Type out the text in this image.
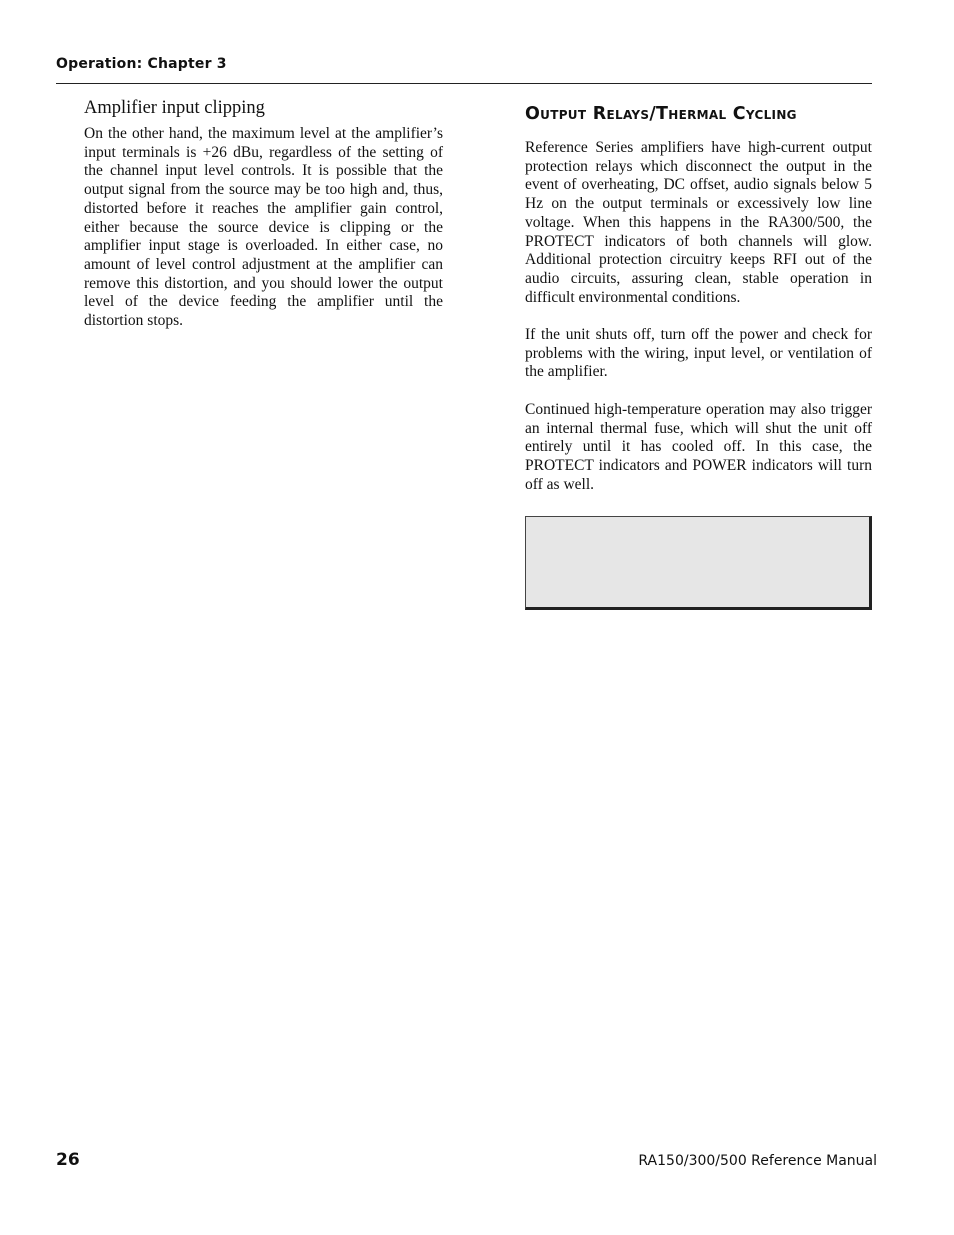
Operation: Chapter 3
Amplifier input clipping

On the other hand, the maximum level at the amplifier’s input terminals is +26 dBu, regardless of the setting of the channel input level controls. It is possible that the output signal from the source may be too high and, thus, distorted before it reaches the amplifier gain control, either because the source device is clipping or the amplifier input stage is overloaded. In either case, no amount of level control adjustment at the amplifier can remove this distortion, and you should lower the output level of the device feeding the amplifier until the distortion stops.

Output Relays/Thermal Cycling

Reference Series amplifiers have high-current output protection relays which disconnect the output in the event of overheating, DC offset, audio signals below 5 Hz on the output terminals or excessively low line voltage. When this happens in the RA300/500, the PROTECT indicators of both channels will glow. Additional protection circuitry keeps RFI out of the audio circuits, assuring clean, stable operation in difficult environmental conditions.

If the unit shuts off, turn off the power and check for problems with the wiring, input level, or ventilation of the amplifier.

Continued high-temperature operation may also trigger an internal thermal fuse, which will shut the unit off entirely until it has cooled off. In this case, the PROTECT indicators and POWER indicators will turn off as well.

26	RA150/300/500 Reference Manual
